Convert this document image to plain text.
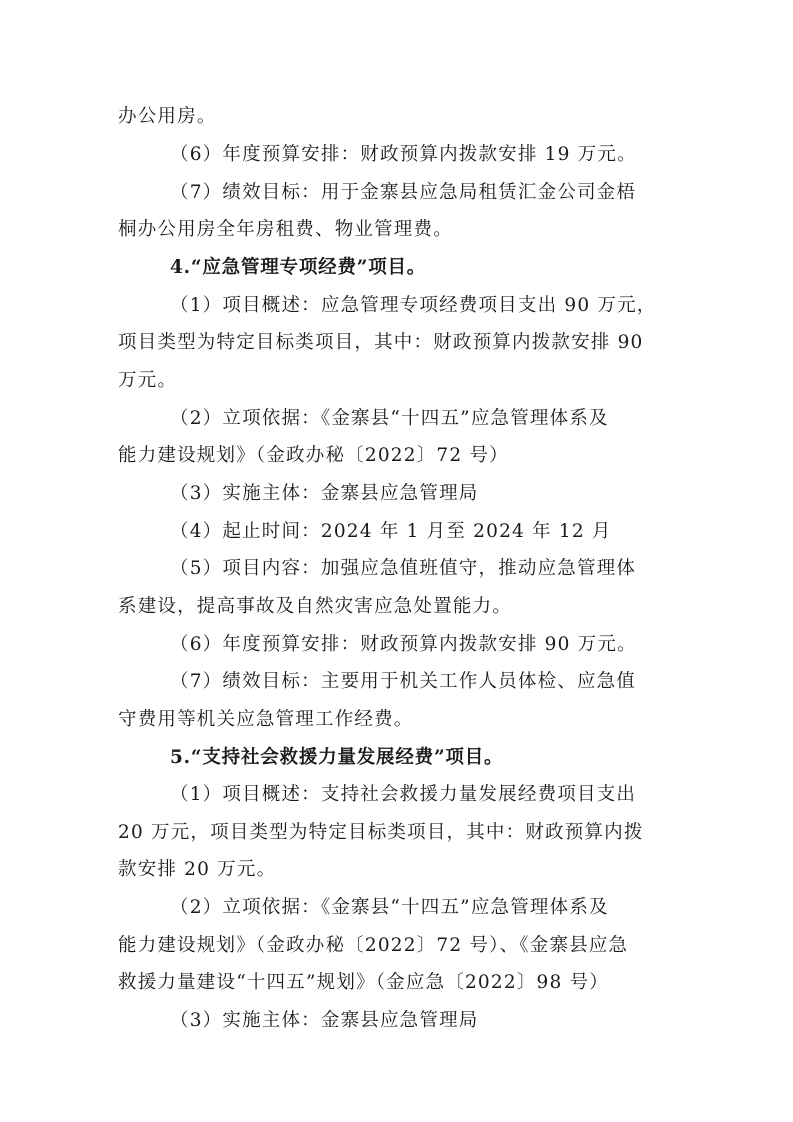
办公用房。
（6）年度预算安排：财政预算内拨款安排 19 万元。
（7）绩效目标：用于金寨县应急局租赁汇金公司金梧
桐办公用房全年房租费、物业管理费。
4.“应急管理专项经费”项目。
（1）项目概述：应急管理专项经费项目支出 90 万元，
项目类型为特定目标类项目，其中：财政预算内拨款安排 90
万元。
（2）立项依据：《金寨县“十四五”应急管理体系及
能力建设规划》（金政办秘〔2022〕72 号）
（3）实施主体：金寨县应急管理局
（4）起止时间：2024 年 1 月至 2024 年 12 月
（5）项目内容：加强应急值班值守，推动应急管理体
系建设，提高事故及自然灾害应急处置能力。
（6）年度预算安排：财政预算内拨款安排 90 万元。
（7）绩效目标：主要用于机关工作人员体检、应急值
守费用等机关应急管理工作经费。
5.“支持社会救援力量发展经费”项目。
（1）项目概述：支持社会救援力量发展经费项目支出
20 万元，项目类型为特定目标类项目，其中：财政预算内拨
款安排 20 万元。
（2）立项依据：《金寨县“十四五”应急管理体系及
能力建设规划》（金政办秘〔2022〕72 号）、《金寨县应急
救援力量建设“十四五”规划》（金应急〔2022〕98 号）
（3）实施主体：金寨县应急管理局
